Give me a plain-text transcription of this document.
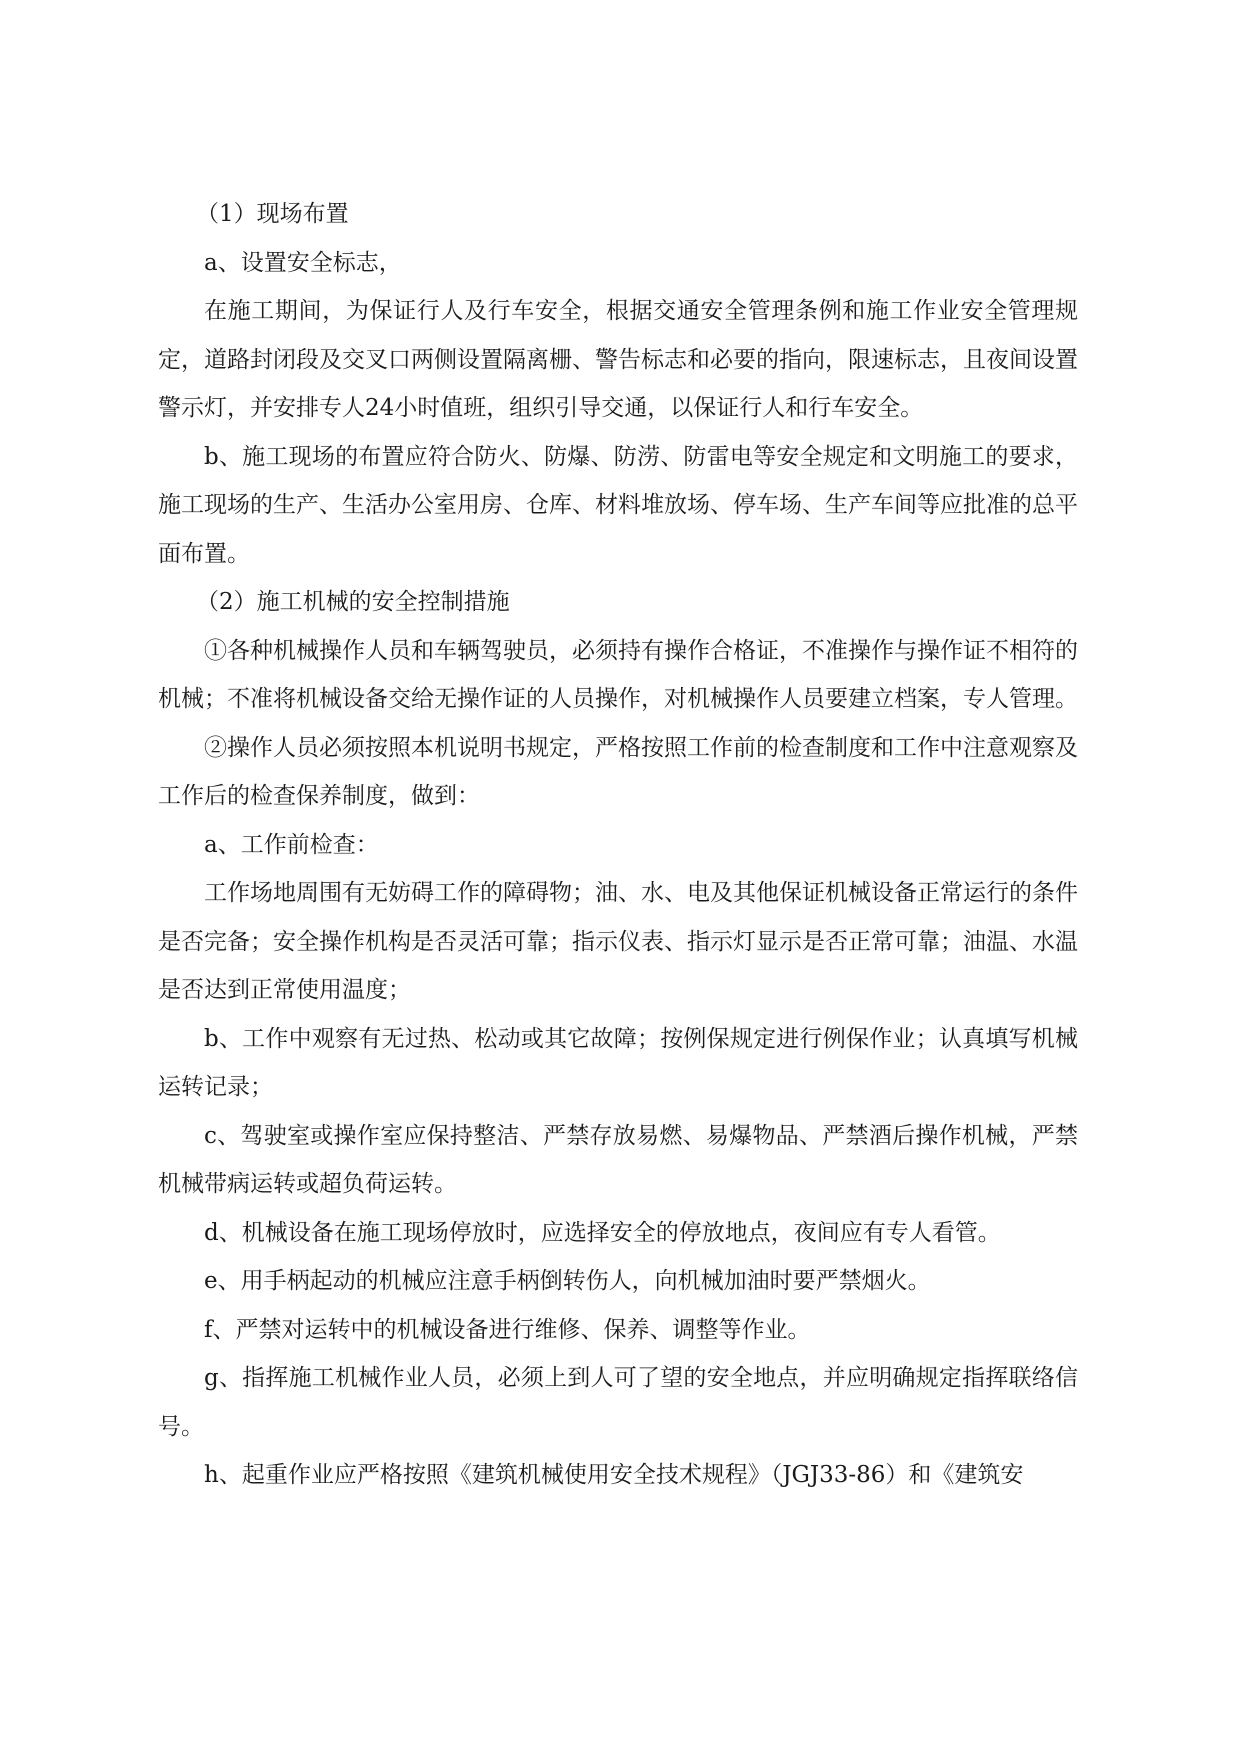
（1）现场布置

a、设置安全标志，

在施工期间，为保证行人及行车安全，根据交通安全管理条例和施工作业安全管理规定，道路封闭段及交叉口两侧设置隔离栅、警告标志和必要的指向，限速标志，且夜间设置警示灯，并安排专人24小时值班，组织引导交通，以保证行人和行车安全。

b、施工现场的布置应符合防火、防爆、防涝、防雷电等安全规定和文明施工的要求，施工现场的生产、生活办公室用房、仓库、材料堆放场、停车场、生产车间等应批准的总平面布置。

（2）施工机械的安全控制措施

①各种机械操作人员和车辆驾驶员，必须持有操作合格证，不准操作与操作证不相符的机械；不准将机械设备交给无操作证的人员操作，对机械操作人员要建立档案，专人管理。

②操作人员必须按照本机说明书规定，严格按照工作前的检查制度和工作中注意观察及工作后的检查保养制度，做到：

a、工作前检查：

工作场地周围有无妨碍工作的障碍物；油、水、电及其他保证机械设备正常运行的条件是否完备；安全操作机构是否灵活可靠；指示仪表、指示灯显示是否正常可靠；油温、水温是否达到正常使用温度；

b、工作中观察有无过热、松动或其它故障；按例保规定进行例保作业；认真填写机械运转记录；

c、驾驶室或操作室应保持整洁、严禁存放易燃、易爆物品、严禁酒后操作机械，严禁机械带病运转或超负荷运转。

d、机械设备在施工现场停放时，应选择安全的停放地点，夜间应有专人看管。

e、用手柄起动的机械应注意手柄倒转伤人，向机械加油时要严禁烟火。

f、严禁对运转中的机械设备进行维修、保养、调整等作业。

g、指挥施工机械作业人员，必须上到人可了望的安全地点，并应明确规定指挥联络信号。

h、起重作业应严格按照《建筑机械使用安全技术规程》（JGJ33-86）和《建筑安
